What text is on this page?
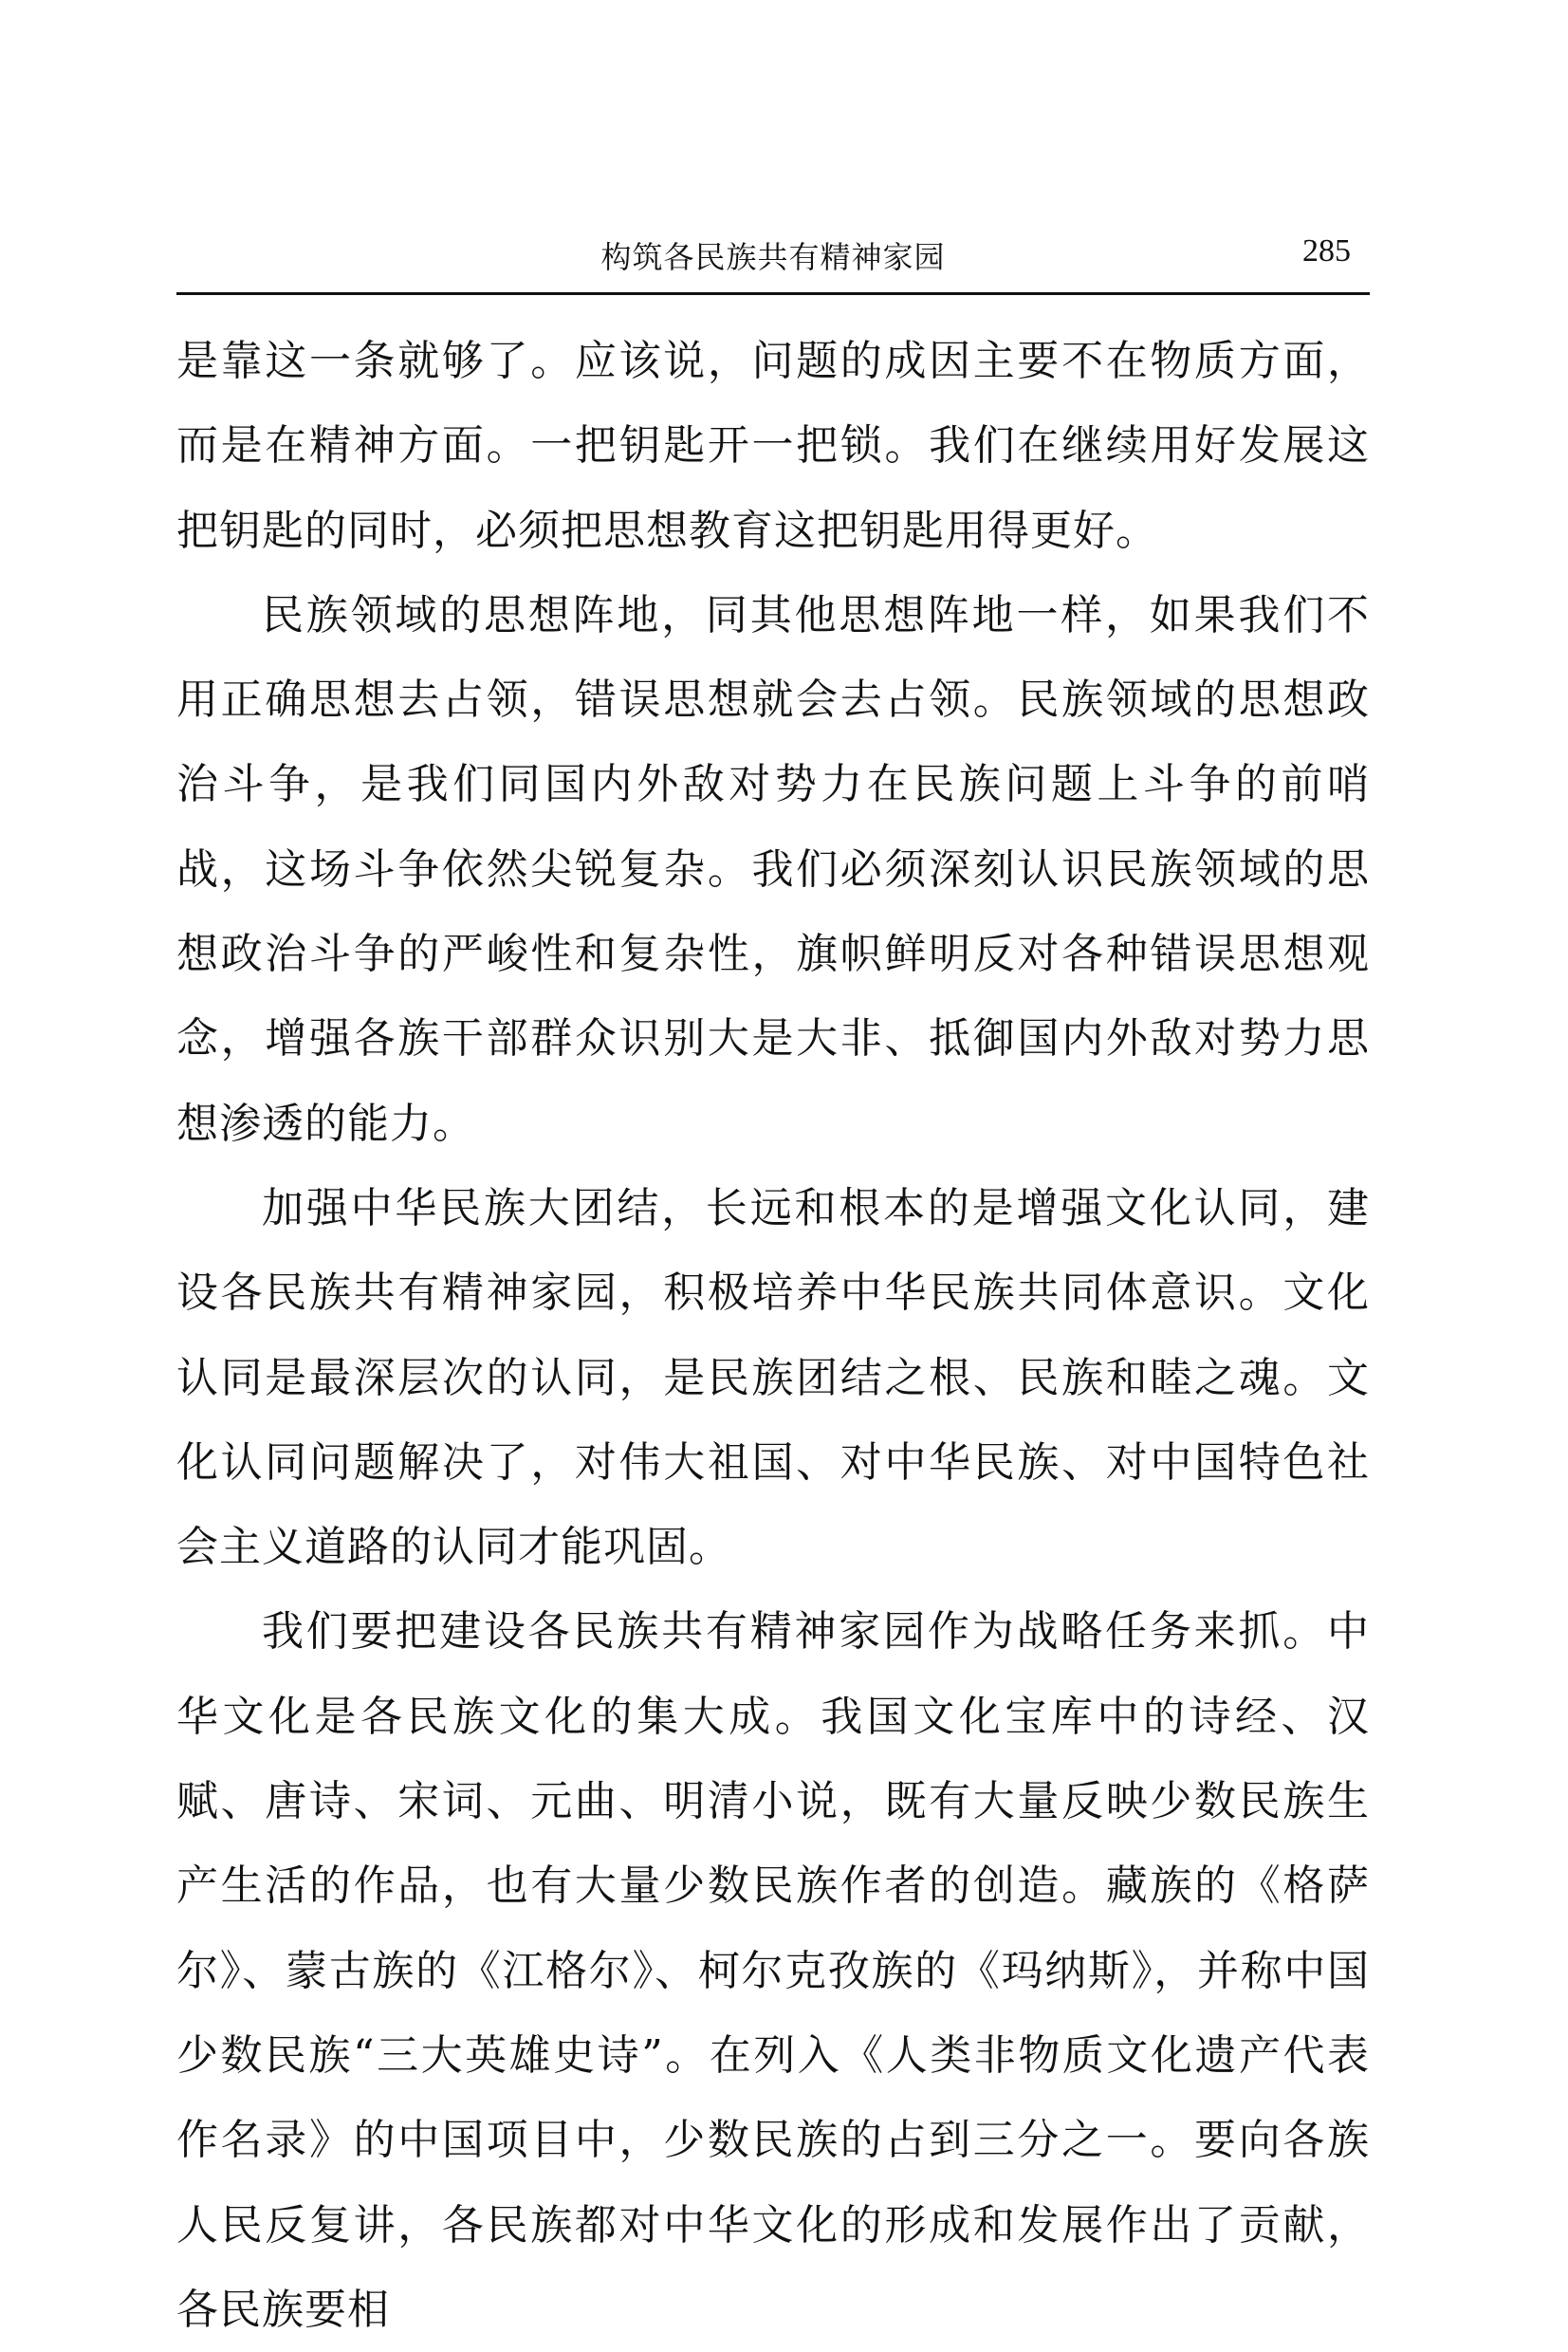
构筑各民族共有精神家园	285

是靠这一条就够了。应该说，问题的成因主要不在物质方面，而是在精神方面。一把钥匙开一把锁。我们在继续用好发展这把钥匙的同时，必须把思想教育这把钥匙用得更好。

民族领域的思想阵地，同其他思想阵地一样，如果我们不用正确思想去占领，错误思想就会去占领。民族领域的思想政治斗争，是我们同国内外敌对势力在民族问题上斗争的前哨战，这场斗争依然尖锐复杂。我们必须深刻认识民族领域的思想政治斗争的严峻性和复杂性，旗帜鲜明反对各种错误思想观念，增强各族干部群众识别大是大非、抵御国内外敌对势力思想渗透的能力。

加强中华民族大团结，长远和根本的是增强文化认同，建设各民族共有精神家园，积极培养中华民族共同体意识。文化认同是最深层次的认同，是民族团结之根、民族和睦之魂。文化认同问题解决了，对伟大祖国、对中华民族、对中国特色社会主义道路的认同才能巩固。

我们要把建设各民族共有精神家园作为战略任务来抓。中华文化是各民族文化的集大成。我国文化宝库中的诗经、汉赋、唐诗、宋词、元曲、明清小说，既有大量反映少数民族生产生活的作品，也有大量少数民族作者的创造。藏族的《格萨尔》、蒙古族的《江格尔》、柯尔克孜族的《玛纳斯》，并称中国少数民族“三大英雄史诗”。在列入《人类非物质文化遗产代表作名录》的中国项目中，少数民族的占到三分之一。要向各族人民反复讲，各民族都对中华文化的形成和发展作出了贡献，各民族要相
